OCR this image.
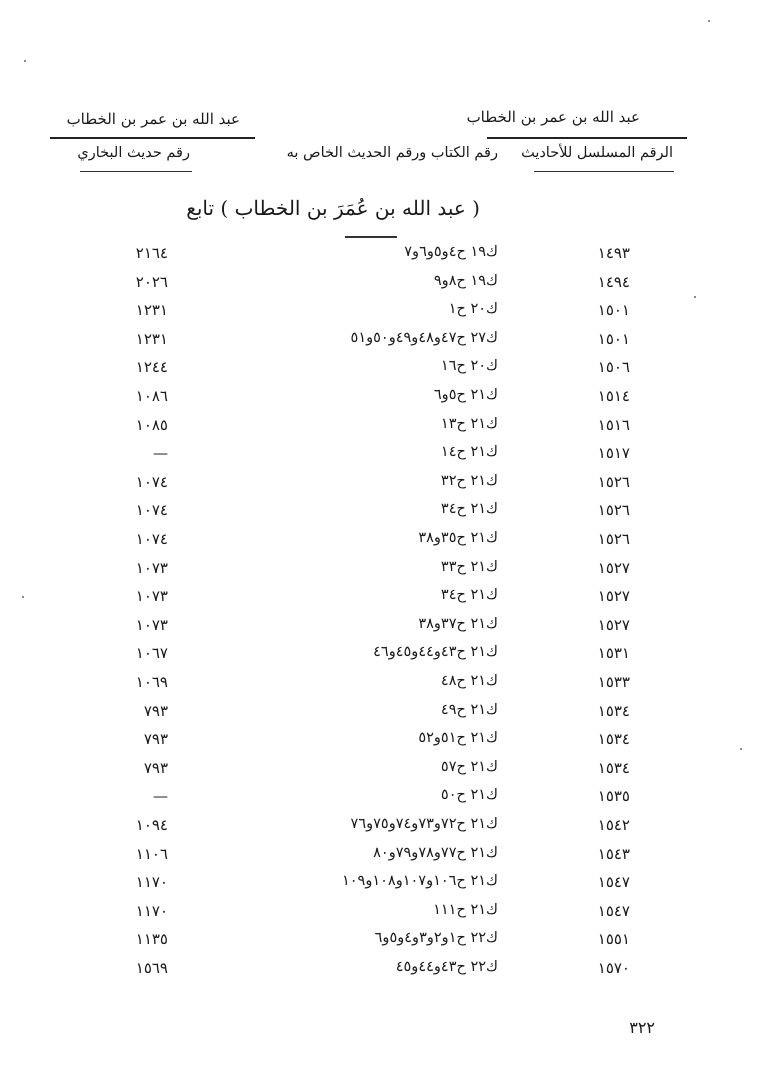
عبد الله بن عمر بن الخطاب
عبد الله بن عمر بن الخطاب
الرقم المسلسل للأحاديث
رقم الكتاب ورقم الحديث الخاص به
رقم حديث البخاري
( عبد الله بن عُمَرَ بن الخطاب ) تابع
١٤٩٣
ك١٩ ح٤و٥و٦و٧
٢١٦٤
١٤٩٤
ك١٩ ح٨و٩
٢٠٢٦
١٥٠١
ك٢٠ ح١
١٢٣١
١٥٠١
ك٢٧ ح٤٧و٤٨و٤٩و٥٠و٥١
١٢٣١
١٥٠٦
ك٢٠ ح١٦
١٢٤٤
١٥١٤
ك٢١ ح٥و٦
١٠٨٦
١٥١٦
ك٢١ ح١٣
١٠٨٥
١٥١٧
ك٢١ ح١٤
—
١٥٢٦
ك٢١ ح٣٢
١٠٧٤
١٥٢٦
ك٢١ ح٣٤
١٠٧٤
١٥٢٦
ك٢١ ح٣٥و٣٨
١٠٧٤
١٥٢٧
ك٢١ ح٣٣
١٠٧٣
١٥٢٧
ك٢١ ح٣٤
١٠٧٣
١٥٢٧
ك٢١ ح٣٧و٣٨
١٠٧٣
١٥٣١
ك٢١ ح٤٣و٤٤و٤٥و٤٦
١٠٦٧
١٥٣٣
ك٢١ ح٤٨
١٠٦٩
١٥٣٤
ك٢١ ح٤٩
٧٩٣
١٥٣٤
ك٢١ ح٥١و٥٢
٧٩٣
١٥٣٤
ك٢١ ح٥٧
٧٩٣
١٥٣٥
ك٢١ ح٥٠
—
١٥٤٢
ك٢١ ح٧٢و٧٣و٧٤و٧٥و٧٦
١٠٩٤
١٥٤٣
ك٢١ ح٧٧و٧٨و٧٩و٨٠
١١٠٦
١٥٤٧
ك٢١ ح١٠٦و١٠٧و١٠٨و١٠٩
١١٧٠
١٥٤٧
ك٢١ ح١١١
١١٧٠
١٥٥١
ك٢٢ ح١و٢و٣و٤و٥و٦
١١٣٥
١٥٧٠
ك٢٢ ح٤٣و٤٤و٤٥
١٥٦٩
٣٢٢
